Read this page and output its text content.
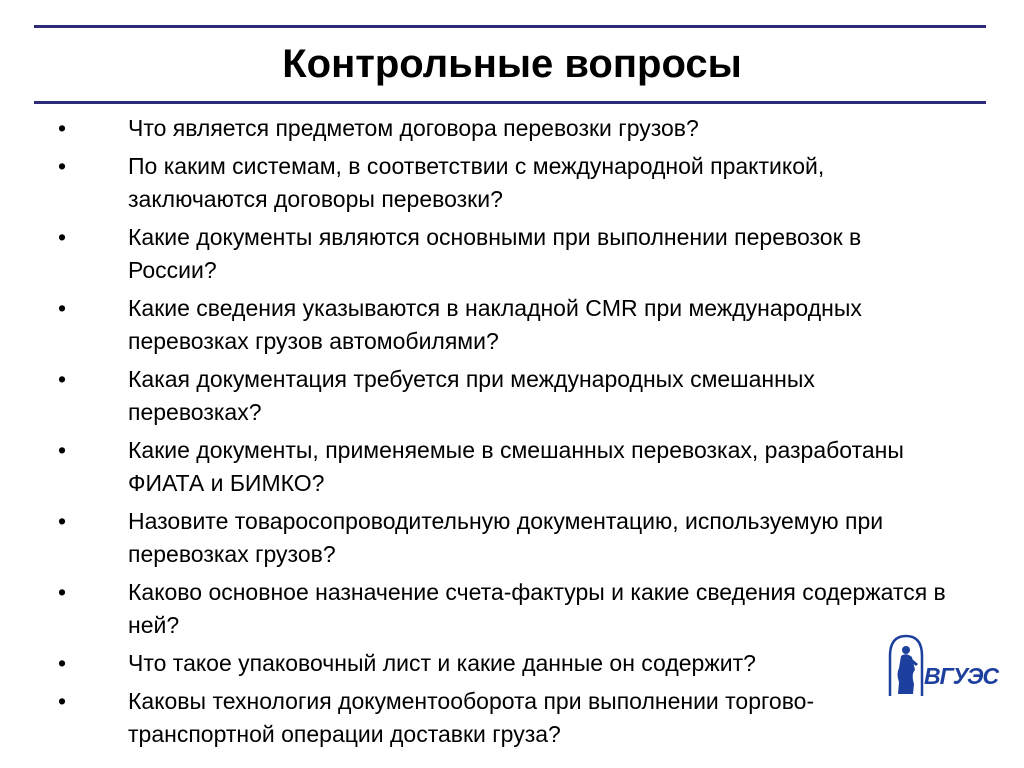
Контрольные вопросы
•	Что является предметом договора перевозки грузов?
•	По каким системам, в соответствии с международной практикой, заключаются договоры перевозки?
•	Какие документы являются основными при выполнении перевозок в России?
•	Какие сведения указываются в накладной CMR при международных перевозках грузов автомобилями?
•	Какая документация требуется при международных смешанных перевозках?
•	Какие документы, применяемые в смешанных перевозках, разработаны ФИАТА и БИМКО?
•	Назовите товаросопроводительную документацию, используемую при перевозках грузов?
•	Каково основное назначение счета-фактуры и какие сведения содержатся в ней?
•	Что такое упаковочный лист и какие данные он содержит?
•	Каковы технология документооборота при выполнении торгово-транспортной операции доставки груза?
ВГУЭС
